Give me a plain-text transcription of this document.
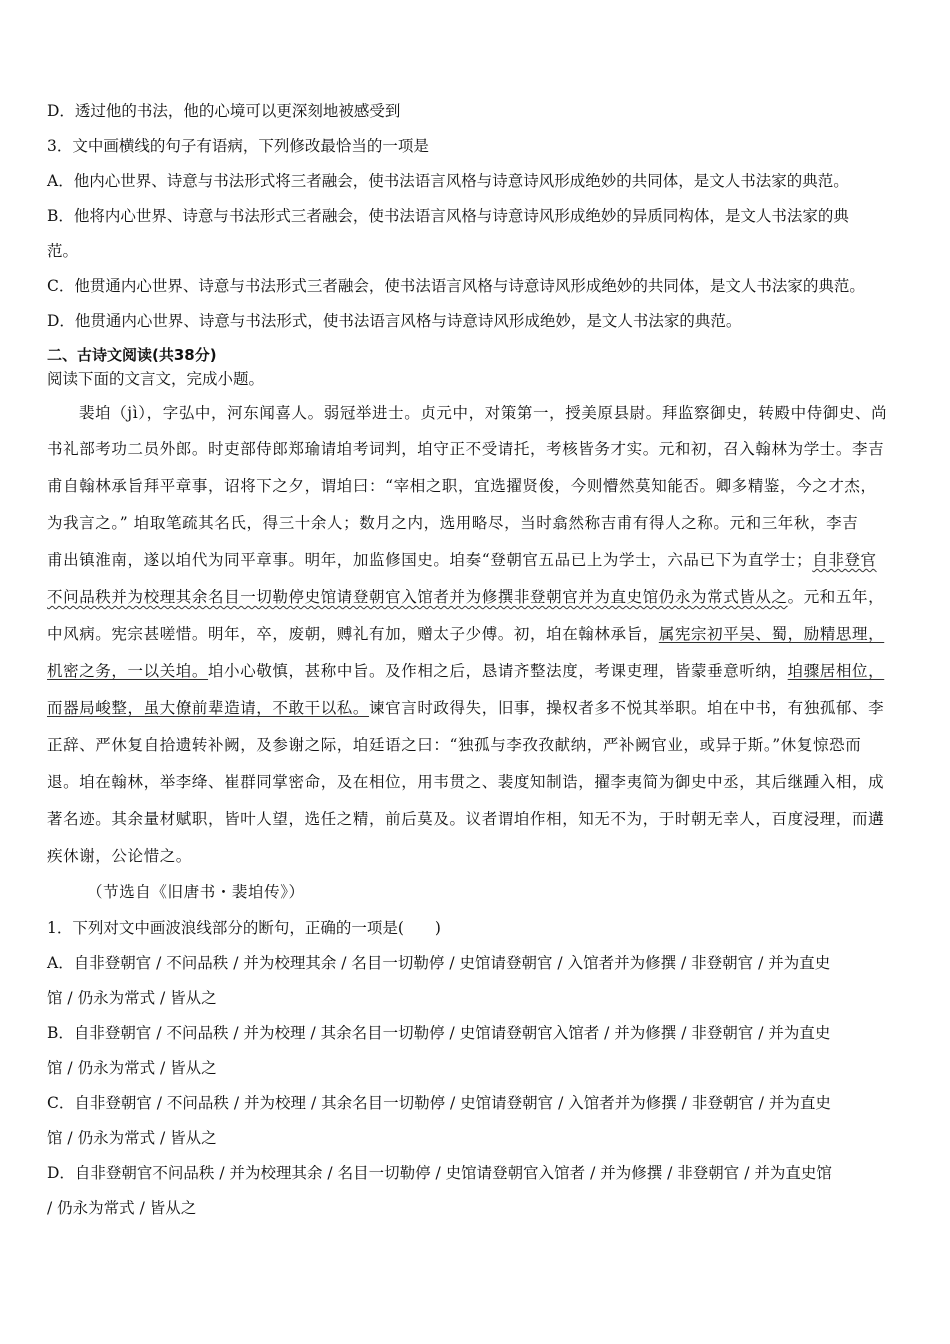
D．透过他的书法，他的心境可以更深刻地被感受到
3．文中画横线的句子有语病，下列修改最恰当的一项是
A．他内心世界、诗意与书法形式将三者融会，使书法语言风格与诗意诗风形成绝妙的共同体，是文人书法家的典范。
B．他将内心世界、诗意与书法形式三者融会，使书法语言风格与诗意诗风形成绝妙的异质同构体，是文人书法家的典
范。
C．他贯通内心世界、诗意与书法形式三者融会，使书法语言风格与诗意诗风形成绝妙的共同体，是文人书法家的典范。
D．他贯通内心世界、诗意与书法形式，使书法语言风格与诗意诗风形成绝妙，是文人书法家的典范。
二、古诗文阅读(共38分)
阅读下面的文言文，完成小题。
裴垍（jì），字弘中，河东闻喜人。弱冠举进士。贞元中，对策第一，授美原县尉。拜监察御史，转殿中侍御史、尚
书礼部考功二员外郎。时吏部侍郎郑瑜请垍考词判，垍守正不受请托，考核皆务才实。元和初，召入翰林为学士。李吉
甫自翰林承旨拜平章事，诏将下之夕，谓垍曰：“宰相之职，宜选擢贤俊，今则懵然莫知能否。卿多精鉴，今之才杰，
为我言之。” 垍取笔疏其名氏，得三十余人；数月之内，选用略尽，当时翕然称吉甫有得人之称。元和三年秋，李吉
甫出镇淮南，遂以垍代为同平章事。明年，加监修国史。垍奏“登朝官五品已上为学士，六品已下为直学士；自非登官
不问品秩并为校理其余名目一切勒停史馆请登朝官入馆者并为修撰非登朝官并为直史馆仍永为常式皆从之。元和五年，
中风病。宪宗甚嗟惜。明年，卒，废朝，赙礼有加，赠太子少傅。初，垍在翰林承旨，属宪宗初平吴、蜀，励精思理，
机密之务，一以关垍。垍小心敬慎，甚称中旨。及作相之后，恳请齐整法度，考课吏理，皆蒙垂意听纳，垍骤居相位，
而器局峻整，虽大僚前辈造请，不敢干以私。谏官言时政得失，旧事，操权者多不悦其举职。垍在中书，有独孤郁、李
正辞、严休复自拾遗转补阙，及参谢之际，垍廷语之曰：“独孤与李孜孜献纳，严补阙官业，或异于斯。”休复惊恐而
退。垍在翰林，举李绛、崔群同掌密命，及在相位，用韦贯之、裴度知制诰，擢李夷简为御史中丞，其后继踵入相，成
著名迹。其余量材赋职，皆叶人望，选任之精，前后莫及。议者谓垍作相，知无不为，于时朝无幸人，百度浸理，而遘
疾休谢，公论惜之。
（节选自《旧唐书・裴垍传》）
1．下列对文中画波浪线部分的断句，正确的一项是(　　)
A．自非登朝官 / 不问品秩 / 并为校理其余 / 名目一切勒停 / 史馆请登朝官 / 入馆者并为修撰 / 非登朝官 / 并为直史
馆 / 仍永为常式 / 皆从之
B．自非登朝官 / 不问品秩 / 并为校理 / 其余名目一切勒停 / 史馆请登朝官入馆者 / 并为修撰 / 非登朝官 / 并为直史
馆 / 仍永为常式 / 皆从之
C．自非登朝官 / 不问品秩 / 并为校理 / 其余名目一切勒停 / 史馆请登朝官 / 入馆者并为修撰 / 非登朝官 / 并为直史
馆 / 仍永为常式 / 皆从之
D．自非登朝官不问品秩 / 并为校理其余 / 名目一切勒停 / 史馆请登朝官入馆者 / 并为修撰 / 非登朝官 / 并为直史馆
/ 仍永为常式 / 皆从之
